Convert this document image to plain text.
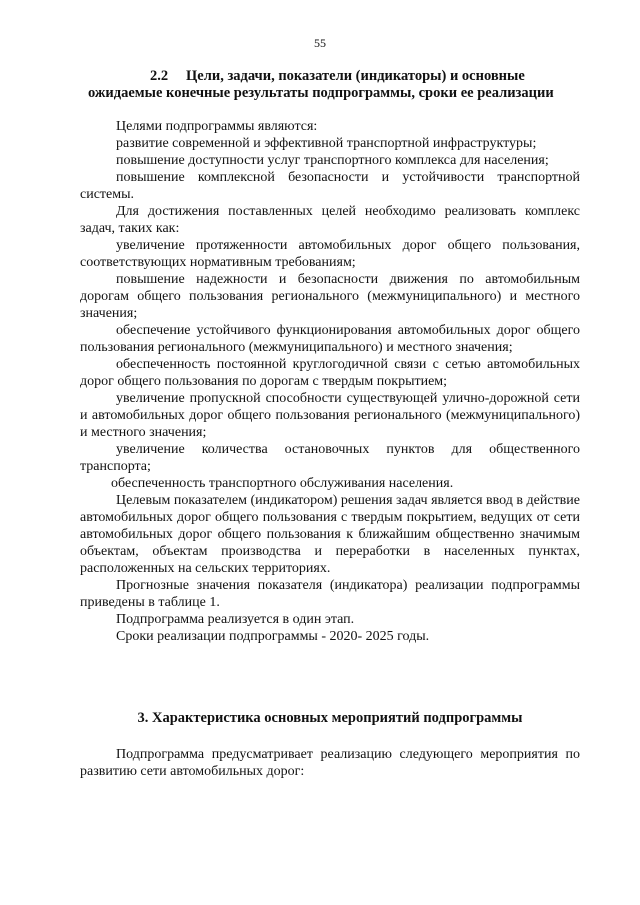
55
2.2 Цели, задачи, показатели (индикаторы) и основные
ожидаемые конечные результаты подпрограммы, сроки ее реализации

Целями подпрограммы являются:

развитие современной и эффективной транспортной инфраструктуры;

повышение доступности услуг транспортного комплекса для населения;

повышение комплексной безопасности и устойчивости транспортной системы.

Для достижения поставленных целей необходимо реализовать комплекс задач, таких как:

увеличение протяженности автомобильных дорог общего пользования, соответствующих нормативным требованиям;

повышение надежности и безопасности движения по автомобильным дорогам общего пользования регионального (межмуниципального) и местного значения;

обеспечение устойчивого функционирования автомобильных дорог общего пользования регионального (межмуниципального) и местного значения;

обеспеченность постоянной круглогодичной связи с сетью автомобильных дорог общего пользования по дорогам с твердым покрытием;

увеличение пропускной способности существующей улично-дорожной сети и автомобильных дорог общего пользования регионального (межмуниципального) и местного значения;

увеличение количества остановочных пунктов для общественного транспорта;

обеспеченность транспортного обслуживания населения.

Целевым показателем (индикатором) решения задач является ввод в действие автомобильных дорог общего пользования с твердым покрытием, ведущих от сети автомобильных дорог общего пользования к ближайшим общественно значимым объектам, объектам производства и переработки в населенных пунктах, расположенных на сельских территориях.

Прогнозные значения показателя (индикатора) реализации подпрограммы приведены в таблице 1.

Подпрограмма реализуется в один этап.

Сроки реализации подпрограммы - 2020- 2025 годы.

3. Характеристика основных мероприятий подпрограммы

Подпрограмма предусматривает реализацию следующего мероприятия по развитию сети автомобильных дорог:
